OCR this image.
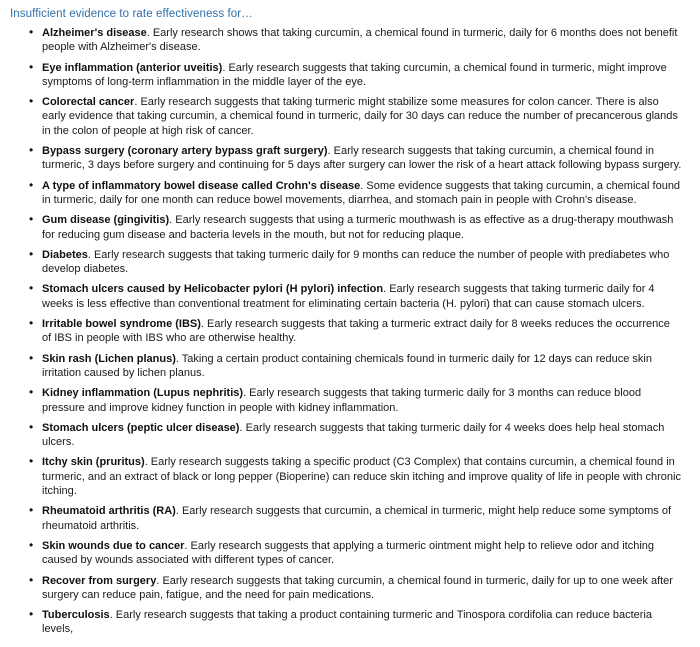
Insufficient evidence to rate effectiveness for…
• Alzheimer's disease. Early research shows that taking curcumin, a chemical found in turmeric, daily for 6 months does not benefit people with Alzheimer's disease.
• Eye inflammation (anterior uveitis). Early research suggests that taking curcumin, a chemical found in turmeric, might improve symptoms of long‐term inflammation in the middle layer of the eye.
• Colorectal cancer. Early research suggests that taking turmeric might stabilize some measures for colon cancer. There is also early evidence that taking curcumin, a chemical found in turmeric, daily for 30 days can reduce the number of precancerous glands in the colon of people at high risk of cancer.
• Bypass surgery (coronary artery bypass graft surgery). Early research suggests that taking curcumin, a chemical found in turmeric, 3 days before surgery and continuing for 5 days after surgery can lower the risk of a heart attack following bypass surgery.
• A type of inflammatory bowel disease called Crohn's disease. Some evidence suggests that taking curcumin, a chemical found in turmeric, daily for one month can reduce bowel movements, diarrhea, and stomach pain in people with Crohn's disease.
• Gum disease (gingivitis). Early research suggests that using a turmeric mouthwash is as effective as a drug‐therapy mouthwash for reducing gum disease and bacteria levels in the mouth, but not for reducing plaque.
• Diabetes. Early research suggests that taking turmeric daily for 9 months can reduce the number of people with prediabetes who develop diabetes.
• Stomach ulcers caused by Helicobacter pylori (H pylori) infection. Early research suggests that taking turmeric daily for 4 weeks is less effective than conventional treatment for eliminating certain bacteria (H. pylori) that can cause stomach ulcers.
• Irritable bowel syndrome (IBS). Early research suggests that taking a turmeric extract daily for 8 weeks reduces the occurrence of IBS in people with IBS who are otherwise healthy.
• Skin rash (Lichen planus). Taking a certain product containing chemicals found in turmeric daily for 12 days can reduce skin irritation caused by lichen planus.
• Kidney inflammation (Lupus nephritis). Early research suggests that taking turmeric daily for 3 months can reduce blood pressure and improve kidney function in people with kidney inflammation.
• Stomach ulcers (peptic ulcer disease). Early research suggests that taking turmeric daily for 4 weeks does help heal stomach ulcers.
• Itchy skin (pruritus). Early research suggests taking a specific product (C3 Complex) that contains curcumin, a chemical found in turmeric, and an extract of black or long pepper (Bioperine) can reduce skin itching and improve quality of life in people with chronic itching.
• Rheumatoid arthritis (RA). Early research suggests that curcumin, a chemical in turmeric, might help reduce some symptoms of rheumatoid arthritis.
• Skin wounds due to cancer. Early research suggests that applying a turmeric ointment might help to relieve odor and itching caused by wounds associated with different types of cancer.
• Recover from surgery. Early research suggests that taking curcumin, a chemical found in turmeric, daily for up to one week after surgery can reduce pain, fatigue, and the need for pain medications.
• Tuberculosis. Early research suggests that taking a product containing turmeric and Tinospora cordifolia can reduce bacteria levels,
